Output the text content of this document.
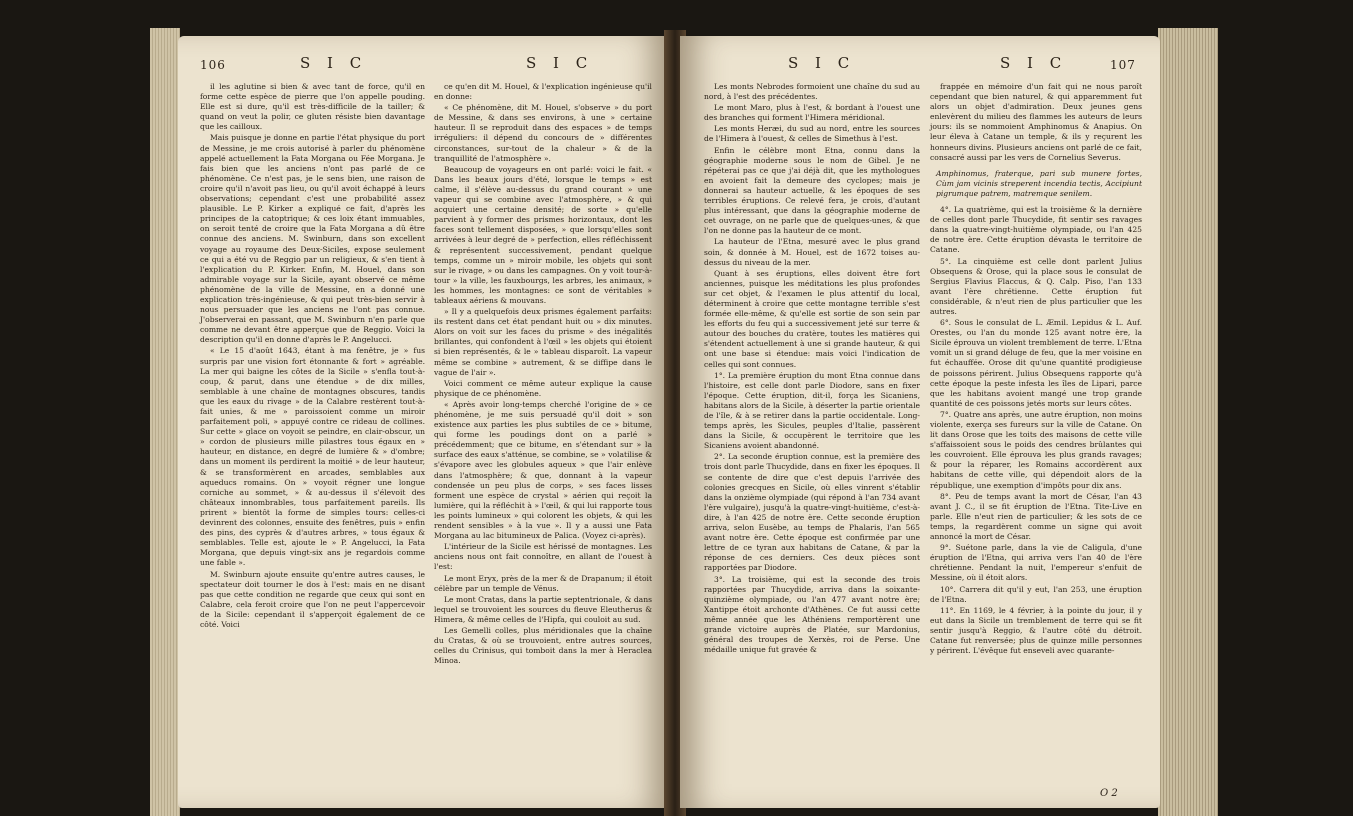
106	S I C	S I C

il les aglutine si bien & avec tant de force, qu'il en forme cette espèce de pierre que l'on appelle pouding. Elle est si dure, qu'il est très-difficile de la tailler; & quand on veut la polir, ce gluten résiste bien davantage que les cailloux.

Mais puisque je donne en partie l'état physique du port de Messine, je me crois autorisé à parler du phénomène appelé actuellement la Fata Morgana ou Fée Morgana. Je fais bien que les anciens n'ont pas parlé de ce phénomène. Ce n'est pas, je le sens bien, une raison de croire qu'il n'avoit pas lieu, ou qu'il avoit échappé à leurs observations; cependant c'est une probabilité assez plausible. Le P. Kirker a expliqué ce fait, d'après les principes de la catoptrique; & ces loix étant immuables, on seroit tenté de croire que la Fata Morgana a dû être connue des anciens. M. Swinburn, dans son excellent voyage au royaume des Deux-Siciles, expose seulement ce qui a été vu de Reggio par un religieux, & s'en tient à l'explication du P. Kirker. Enfin, M. Houel, dans son admirable voyage sur la Sicile, ayant observé ce même phénomène de la ville de Messine, en a donné une explication très-ingénieuse, & qui peut très-bien servir à nous persuader que les anciens ne l'ont pas connue. J'observerai en passant, que M. Swinburn n'en parle que comme ne devant être apperçue que de Reggio. Voici la description qu'il en donne d'après le P. Angelucci.

« Le 15 d'août 1643, étant à ma fenêtre, je » fus surpris par une vision fort étonnante & fort » agréable. La mer qui baigne les côtes de la Sicile » s'enfla tout-à-coup, & parut, dans une étendue » de dix milles, semblable à une chaîne de montagnes obscures, tandis que les eaux du rivage » de la Calabre restèrent tout-à-fait unies, & me » paroissoient comme un miroir parfaitement poli, » appuyé contre ce rideau de collines. Sur cette » glace on voyoit se peindre, en clair-obscur, un » cordon de plusieurs mille pilastres tous égaux en » hauteur, en distance, en degré de lumière & » d'ombre; dans un moment ils perdirent la moitié » de leur hauteur, & se transformèrent en arcades, semblables aux aqueducs romains. On » voyoit régner une longue corniche au sommet, » & au-dessus il s'élevoit des châteaux innombrables, tous parfaitement pareils. Ils prirent » bientôt la forme de simples tours: celles-ci devinrent des colonnes, ensuite des fenêtres, puis » enfin des pins, des cyprès & d'autres arbres, » tous égaux & semblables. Telle est, ajoute le » P. Angelucci, la Fata Morgana, que depuis vingt-six ans je regardois comme une fable ».

M. Swinburn ajoute ensuite qu'entre autres causes, le spectateur doit tourner le dos à l'est: mais en ne disant pas que cette condition ne regarde que ceux qui sont en Calabre, cela feroit croire que l'on ne peut l'appercevoir de la Sicile: cependant il s'apperçoit également de ce côté. Voici

ce qu'en dit M. Houel, & l'explication ingénieuse qu'il en donne:

« Ce phénomène, dit M. Houel, s'observe » du port de Messine, & dans ses environs, à une » certaine hauteur. Il se reproduit dans des espaces » de temps irréguliers: il dépend du concours de » différentes circonstances, sur-tout de la chaleur » & de la tranquillité de l'atmosphère ».

Beaucoup de voyageurs en ont parlé: voici le fait. « Dans les beaux jours d'été, lorsque le temps » est calme, il s'élève au-dessus du grand courant » une vapeur qui se combine avec l'atmosphère, » & qui acquiert une certaine densité; de sorte » qu'elle parvient à y former des prismes horizontaux, dont les faces sont tellement disposées, » que lorsqu'elles sont arrivées à leur degré de » perfection, elles réfléchissent & représentent successivement, pendant quelque temps, comme un » miroir mobile, les objets qui sont sur le rivage, » ou dans les campagnes. On y voit tour-à-tour » la ville, les fauxbourgs, les arbres, les animaux, » les hommes, les montagnes: ce sont de véritables » tableaux aériens & mouvans.

» Il y a quelquefois deux prismes également parfaits: ils restent dans cet état pendant huit ou » dix minutes. Alors on voit sur les faces du prisme » des inégalités brillantes, qui confondent à l'œil » les objets qui étoient si bien représentés, & le » tableau disparoît. La vapeur même se combine » autrement, & se diffipe dans le vague de l'air ».

Voici comment ce même auteur explique la cause physique de ce phénomène.

« Après avoir long-temps cherché l'origine de » ce phénomène, je me suis persuadé qu'il doit » son existence aux parties les plus subtiles de ce » bitume, qui forme les poudings dont on a parlé » précédemment; que ce bitume, en s'étendant sur » la surface des eaux s'atténue, se combine, se » volatilise & s'évapore avec les globules aqueux » que l'air enlève dans l'atmosphère; & que, donnant à la vapeur condensée un peu plus de corps, » ses faces lisses forment une espèce de crystal » aérien qui reçoit la lumière, qui la réfléchit à » l'œil, & qui lui rapporte tous les points lumineux » qui colorent les objets, & qui les rendent sensibles » à la vue ». Il y a aussi une Fata Morgana au lac bitumineux de Palica. (Voyez ci-après).

L'intérieur de la Sicile est hérissé de montagnes. Les anciens nous ont fait connoître, en allant de l'ouest à l'est:

Le mont Eryx, près de la mer & de Drapanum; il étoit célèbre par un temple de Vénus.

Le mont Cratas, dans la partie septentrionale, & dans lequel se trouvoient les sources du fleuve Eleutherus & Himera, & même celles de l'Hipfa, qui couloit au sud.

Les Gemelli colles, plus méridionales que la chaîne du Cratas, & où se trouvoient, entre autres sources, celles du Crinisus, qui tomboit dans la mer à Heraclea Minoa.

S I C	S I C	107

Les monts Nebrodes formoient une chaîne du sud au nord, à l'est des précédentes.

Le mont Maro, plus à l'est, & bordant à l'ouest une des branches qui forment l'Himera méridional.

Les monts Heræi, du sud au nord, entre les sources de l'Himera à l'ouest, & celles de Simethus à l'est.

Enfin le célèbre mont Etna, connu dans la géographie moderne sous le nom de Gibel. Je ne répéterai pas ce que j'ai déjà dit, que les mythologues en avoient fait la demeure des cyclopes; mais je donnerai sa hauteur actuelle, & les époques de ses terribles éruptions. Ce relevé fera, je crois, d'autant plus intéressant, que dans la géographie moderne de cet ouvrage, on ne parle que de quelques-unes, & que l'on ne donne pas la hauteur de ce mont.

La hauteur de l'Etna, mesuré avec le plus grand soin, & donnée à M. Houel, est de 1672 toises au-dessus du niveau de la mer.

Quant à ses éruptions, elles doivent être fort anciennes, puisque les méditations les plus profondes sur cet objet, & l'examen le plus attentif du local, déterminent à croire que cette montagne terrible s'est formée elle-même, & qu'elle est sortie de son sein par les efforts du feu qui a successivement jeté sur terre & autour des bouches du cratère, toutes les matières qui s'étendent actuellement à une si grande hauteur, & qui ont une base si étendue: mais voici l'indication de celles qui sont connues.

1°. La première éruption du mont Etna connue dans l'histoire, est celle dont parle Diodore, sans en fixer l'époque. Cette éruption, dit-il, força les Sicaniens, habitans alors de la Sicile, à déserter la partie orientale de l'île, & à se retirer dans la partie occidentale. Long-temps après, les Sicules, peuples d'Italie, passèrent dans la Sicile, & occupèrent le territoire que les Sicaniens avoient abandonné.

2°. La seconde éruption connue, est la première des trois dont parle Thucydide, dans en fixer les époques. Il se contente de dire que c'est depuis l'arrivée des colonies grecques en Sicile, où elles vinrent s'établir dans la onzième olympiade (qui répond à l'an 734 avant l'ère vulgaire), jusqu'à la quatre-vingt-huitième, c'est-à-dire, à l'an 425 de notre ère. Cette seconde éruption arriva, selon Eusèbe, au temps de Phalaris, l'an 565 avant notre ère. Cette époque est confirmée par une lettre de ce tyran aux habitans de Catane, & par la réponse de ces derniers. Ces deux pièces sont rapportées par Diodore.

3°. La troisième, qui est la seconde des trois rapportées par Thucydide, arriva dans la soixante-quinzième olympiade, ou l'an 477 avant notre ère; Xantippe étoit archonte d'Athènes. Ce fut aussi cette même année que les Athéniens remportèrent une grande victoire auprès de Platée, sur Mardonius, général des troupes de Xerxès, roi de Perse. Une médaille unique fut gravée &

frappée en mémoire d'un fait qui ne nous paroît cependant que bien naturel, & qui apparemment fut alors un objet d'admiration. Deux jeunes gens enlevèrent du milieu des flammes les auteurs de leurs jours: ils se nommoient Amphinomus & Anapius. On leur éleva à Catane un temple, & ils y reçurent les honneurs divins. Plusieurs anciens ont parlé de ce fait, consacré aussi par les vers de Cornelius Severus.

Amphinomus, fraterque, pari sub munere fortes, Cùm jam vicinis streperent incendia tectis, Accipiunt pigrumque patrem, matremque senilem.

4°. La quatrième, qui est la troisième & la dernière de celles dont parle Thucydide, fit sentir ses ravages dans la quatre-vingt-huitième olympiade, ou l'an 425 de notre ère. Cette éruption dévasta le territoire de Catane.

5°. La cinquième est celle dont parlent Julius Obsequens & Orose, qui la place sous le consulat de Sergius Flavius Flaccus, & Q. Calp. Piso, l'an 133 avant l'ère chrétienne. Cette éruption fut considérable, & n'eut rien de plus particulier que les autres.

6°. Sous le consulat de L. Æmil. Lepidus & L. Auf. Orestes, ou l'an du monde 125 avant notre ère, la Sicile éprouva un violent tremblement de terre. L'Etna vomit un si grand déluge de feu, que la mer voisine en fut échauffée. Orose dit qu'une quantité prodigieuse de poissons périrent. Julius Obsequens rapporte qu'à cette époque la peste infesta les îles de Lipari, parce que les habitans avoient mangé une trop grande quantité de ces poissons jetés morts sur leurs côtes.

7°. Quatre ans après, une autre éruption, non moins violente, exerça ses fureurs sur la ville de Catane. On lit dans Orose que les toits des maisons de cette ville s'affaissoient sous le poids des cendres brûlantes qui les couvroient. Elle éprouva les plus grands ravages; & pour la réparer, les Romains accordèrent aux habitans de cette ville, qui dépendoit alors de la république, une exemption d'impôts pour dix ans.

8°. Peu de temps avant la mort de César, l'an 43 avant J. C., il se fit éruption de l'Etna. Tite-Live en parle. Elle n'eut rien de particulier; & les sots de ce temps, la regardèrent comme un signe qui avoit annoncé la mort de César.

9°. Suétone parle, dans la vie de Caligula, d'une éruption de l'Etna, qui arriva vers l'an 40 de l'ère chrétienne. Pendant la nuit, l'empereur s'enfuit de Messine, où il étoit alors.

10°. Carrera dit qu'il y eut, l'an 253, une éruption de l'Etna.

11°. En 1169, le 4 février, à la pointe du jour, il y eut dans la Sicile un tremblement de terre qui se fit sentir jusqu'à Reggio, & l'autre côté du détroit. Catane fut renversée; plus de quinze mille personnes y périrent. L'évêque fut enseveli avec quarante-

O 2
